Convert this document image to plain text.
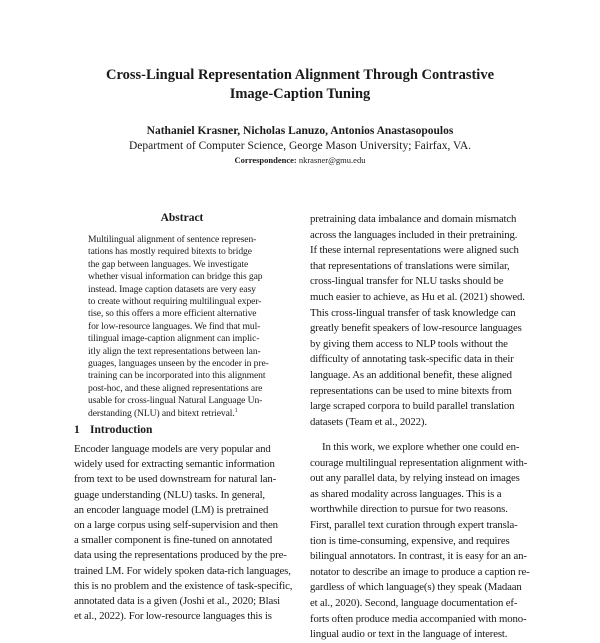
Cross-Lingual Representation Alignment Through Contrastive
Image-Caption Tuning
Nathaniel Krasner, Nicholas Lanuzo, Antonios Anastasopoulos
Department of Computer Science, George Mason University; Fairfax, VA.
Correspondence: nkrasner@gmu.edu
Abstract
Multilingual alignment of sentence represen-
tations has mostly required bitexts to bridge
the gap between languages. We investigate
whether visual information can bridge this gap
instead. Image caption datasets are very easy
to create without requiring multilingual exper-
tise, so this offers a more efficient alternative
for low-resource languages. We find that mul-
tilingual image-caption alignment can implic-
itly align the text representations between lan-
guages, languages unseen by the encoder in pre-
training can be incorporated into this alignment
post-hoc, and these aligned representations are
usable for cross-lingual Natural Language Un-
derstanding (NLU) and bitext retrieval.$^1$
1 Introduction
Encoder language models are very popular and
widely used for extracting semantic information
from text to be used downstream for natural lan-
guage understanding (NLU) tasks. In general,
an encoder language model (LM) is pretrained
on a large corpus using self-supervision and then
a smaller component is fine-tuned on annotated
data using the representations produced by the pre-
trained LM. For widely spoken data-rich languages,
this is no problem and the existence of task-specific,
annotated data is a given (Joshi et al., 2020; Blasi
et al., 2022). For low-resource languages this is
pretraining data imbalance and domain mismatch
across the languages included in their pretraining.
If these internal representations were aligned such
that representations of translations were similar,
cross-lingual transfer for NLU tasks should be
much easier to achieve, as Hu et al. (2021) showed.
This cross-lingual transfer of task knowledge can
greatly benefit speakers of low-resource languages
by giving them access to NLP tools without the
difficulty of annotating task-specific data in their
language. As an additional benefit, these aligned
representations can be used to mine bitexts from
large scraped corpora to build parallel translation
datasets (Team et al., 2022).
In this work, we explore whether one could en-
courage multilingual representation alignment with-
out any parallel data, by relying instead on images
as shared modality across languages. This is a
worthwhile direction to pursue for two reasons.
First, parallel text curation through expert transla-
tion is time-consuming, expensive, and requires
bilingual annotators. In contrast, it is easy for an an-
notator to describe an image to produce a caption re-
gardless of which language(s) they speak (Madaan
et al., 2020). Second, language documentation ef-
forts often produce media accompanied with mono-
lingual audio or text in the language of interest.
